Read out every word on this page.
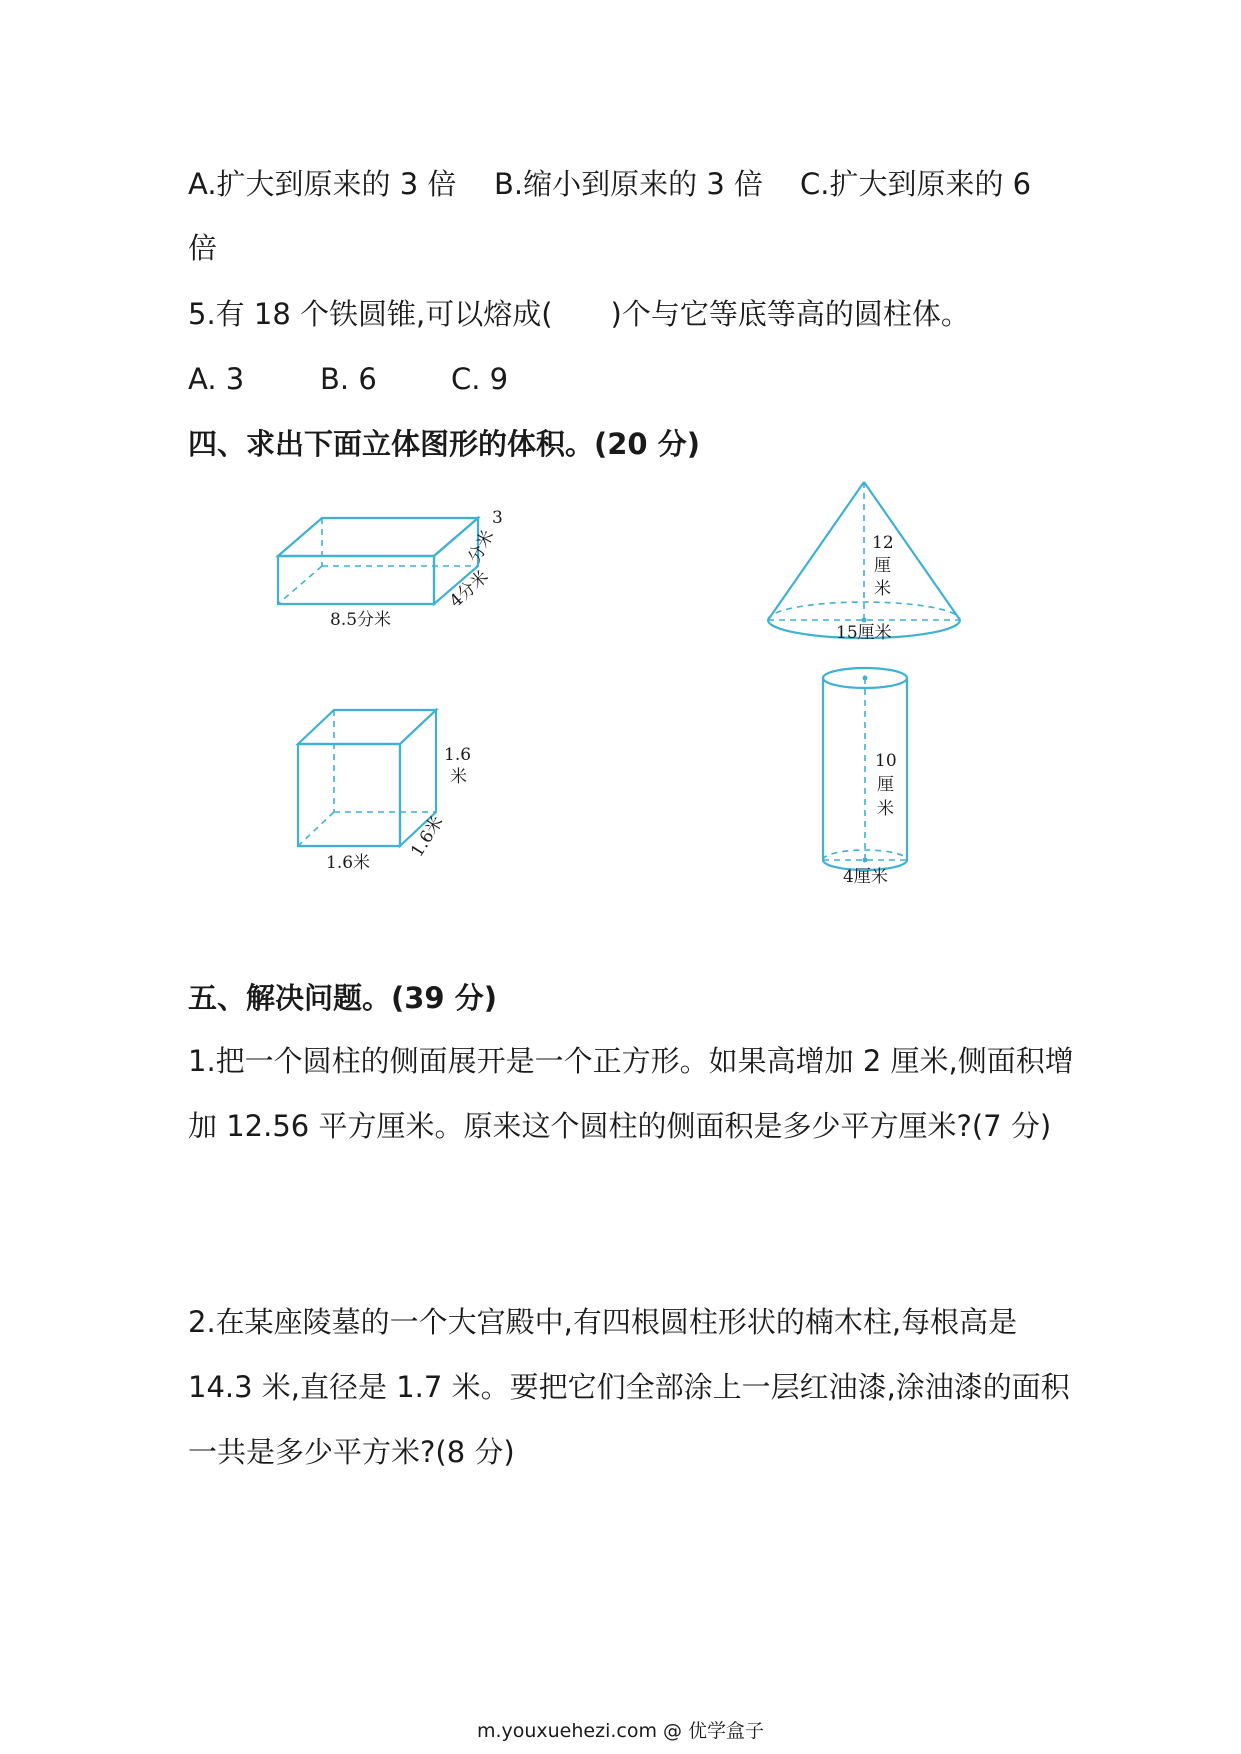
A.扩大到原来的 3 倍 B.缩小到原来的 3 倍 C.扩大到原来的 6
倍
5.有 18 个铁圆锥,可以熔成(　　)个与它等底等高的圆柱体。
A. 3	B. 6	C. 9
四、求出下面立体图形的体积。(20 分)
8.5分米
4分米
3
分米	12
厘
米
15厘米
1.6米
1.6米
1.6
米
10
厘
米
4厘米
五、解决问题。(39 分)
1.把一个圆柱的侧面展开是一个正方形。如果高增加 2 厘米,侧面积增
加 12.56 平方厘米。原来这个圆柱的侧面积是多少平方厘米?(7 分)
2.在某座陵墓的一个大宫殿中,有四根圆柱形状的楠木柱,每根高是
14.3 米,直径是 1.7 米。要把它们全部涂上一层红油漆,涂油漆的面积
一共是多少平方米?(8 分)
m.youxuehezi.com @ 优学盒子
